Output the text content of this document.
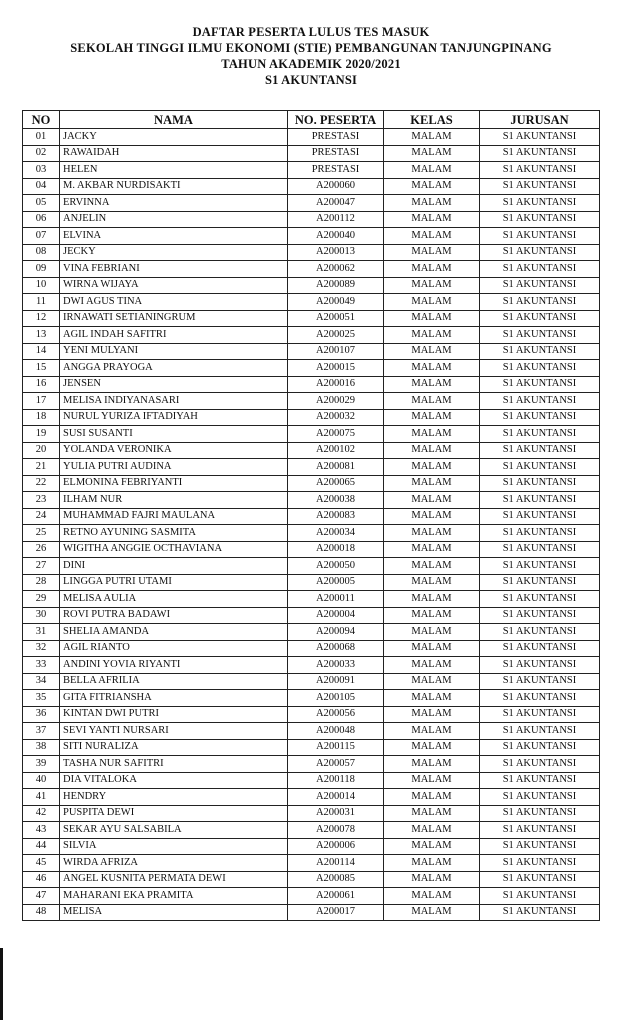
DAFTAR PESERTA LULUS TES MASUK
SEKOLAH TINGGI ILMU EKONOMI (STIE) PEMBANGUNAN TANJUNGPINANG
TAHUN AKADEMIK 2020/2021
S1 AKUNTANSI
NO	NAMA	NO. PESERTA	KELAS	JURUSAN
01	JACKY	PRESTASI	MALAM	S1 AKUNTANSI
02	RAWAIDAH	PRESTASI	MALAM	S1 AKUNTANSI
03	HELEN	PRESTASI	MALAM	S1 AKUNTANSI
04	M. AKBAR NURDISAKTI	A200060	MALAM	S1 AKUNTANSI
05	ERVINNA	A200047	MALAM	S1 AKUNTANSI
06	ANJELIN	A200112	MALAM	S1 AKUNTANSI
07	ELVINA	A200040	MALAM	S1 AKUNTANSI
08	JECKY	A200013	MALAM	S1 AKUNTANSI
09	VINA FEBRIANI	A200062	MALAM	S1 AKUNTANSI
10	WIRNA WIJAYA	A200089	MALAM	S1 AKUNTANSI
11	DWI AGUS TINA	A200049	MALAM	S1 AKUNTANSI
12	IRNAWATI SETIANINGRUM	A200051	MALAM	S1 AKUNTANSI
13	AGIL INDAH SAFITRI	A200025	MALAM	S1 AKUNTANSI
14	YENI MULYANI	A200107	MALAM	S1 AKUNTANSI
15	ANGGA PRAYOGA	A200015	MALAM	S1 AKUNTANSI
16	JENSEN	A200016	MALAM	S1 AKUNTANSI
17	MELISA INDIYANASARI	A200029	MALAM	S1 AKUNTANSI
18	NURUL YURIZA IFTADIYAH	A200032	MALAM	S1 AKUNTANSI
19	SUSI SUSANTI	A200075	MALAM	S1 AKUNTANSI
20	YOLANDA VERONIKA	A200102	MALAM	S1 AKUNTANSI
21	YULIA PUTRI AUDINA	A200081	MALAM	S1 AKUNTANSI
22	ELMONINA FEBRIYANTI	A200065	MALAM	S1 AKUNTANSI
23	ILHAM NUR	A200038	MALAM	S1 AKUNTANSI
24	MUHAMMAD FAJRI MAULANA	A200083	MALAM	S1 AKUNTANSI
25	RETNO AYUNING SASMITA	A200034	MALAM	S1 AKUNTANSI
26	WIGITHA ANGGIE OCTHAVIANA	A200018	MALAM	S1 AKUNTANSI
27	DINI	A200050	MALAM	S1 AKUNTANSI
28	LINGGA PUTRI UTAMI	A200005	MALAM	S1 AKUNTANSI
29	MELISA AULIA	A200011	MALAM	S1 AKUNTANSI
30	ROVI PUTRA BADAWI	A200004	MALAM	S1 AKUNTANSI
31	SHELIA AMANDA	A200094	MALAM	S1 AKUNTANSI
32	AGIL RIANTO	A200068	MALAM	S1 AKUNTANSI
33	ANDINI YOVIA RIYANTI	A200033	MALAM	S1 AKUNTANSI
34	BELLA AFRILIA	A200091	MALAM	S1 AKUNTANSI
35	GITA FITRIANSHA	A200105	MALAM	S1 AKUNTANSI
36	KINTAN DWI PUTRI	A200056	MALAM	S1 AKUNTANSI
37	SEVI YANTI NURSARI	A200048	MALAM	S1 AKUNTANSI
38	SITI NURALIZA	A200115	MALAM	S1 AKUNTANSI
39	TASHA NUR SAFITRI	A200057	MALAM	S1 AKUNTANSI
40	DIA VITALOKA	A200118	MALAM	S1 AKUNTANSI
41	HENDRY	A200014	MALAM	S1 AKUNTANSI
42	PUSPITA DEWI	A200031	MALAM	S1 AKUNTANSI
43	SEKAR AYU SALSABILA	A200078	MALAM	S1 AKUNTANSI
44	SILVIA	A200006	MALAM	S1 AKUNTANSI
45	WIRDA AFRIZA	A200114	MALAM	S1 AKUNTANSI
46	ANGEL KUSNITA PERMATA DEWI	A200085	MALAM	S1 AKUNTANSI
47	MAHARANI EKA PRAMITA	A200061	MALAM	S1 AKUNTANSI
48	MELISA	A200017	MALAM	S1 AKUNTANSI
